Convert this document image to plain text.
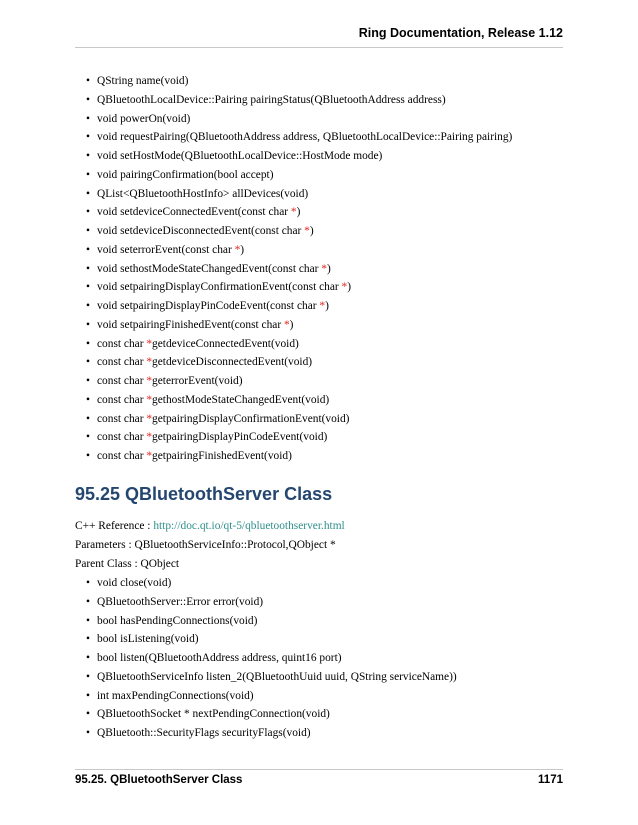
Ring Documentation, Release 1.12
• QString name(void)
• QBluetoothLocalDevice::Pairing pairingStatus(QBluetoothAddress address)
• void powerOn(void)
• void requestPairing(QBluetoothAddress address, QBluetoothLocalDevice::Pairing pairing)
• void setHostMode(QBluetoothLocalDevice::HostMode mode)
• void pairingConfirmation(bool accept)
• QList<QBluetoothHostInfo> allDevices(void)
• void setdeviceConnectedEvent(const char *)
• void setdeviceDisconnectedEvent(const char *)
• void seterrorEvent(const char *)
• void sethostModeStateChangedEvent(const char *)
• void setpairingDisplayConfirmationEvent(const char *)
• void setpairingDisplayPinCodeEvent(const char *)
• void setpairingFinishedEvent(const char *)
• const char *getdeviceConnectedEvent(void)
• const char *getdeviceDisconnectedEvent(void)
• const char *geterrorEvent(void)
• const char *gethostModeStateChangedEvent(void)
• const char *getpairingDisplayConfirmationEvent(void)
• const char *getpairingDisplayPinCodeEvent(void)
• const char *getpairingFinishedEvent(void)
95.25 QBluetoothServer Class
C++ Reference : http://doc.qt.io/qt-5/qbluetoothserver.html
Parameters : QBluetoothServiceInfo::Protocol,QObject *
Parent Class : QObject
• void close(void)
• QBluetoothServer::Error error(void)
• bool hasPendingConnections(void)
• bool isListening(void)
• bool listen(QBluetoothAddress address, quint16 port)
• QBluetoothServiceInfo listen_2(QBluetoothUuid uuid, QString serviceName))
• int maxPendingConnections(void)
• QBluetoothSocket * nextPendingConnection(void)
• QBluetooth::SecurityFlags securityFlags(void)
95.25. QBluetoothServer Class	1171
